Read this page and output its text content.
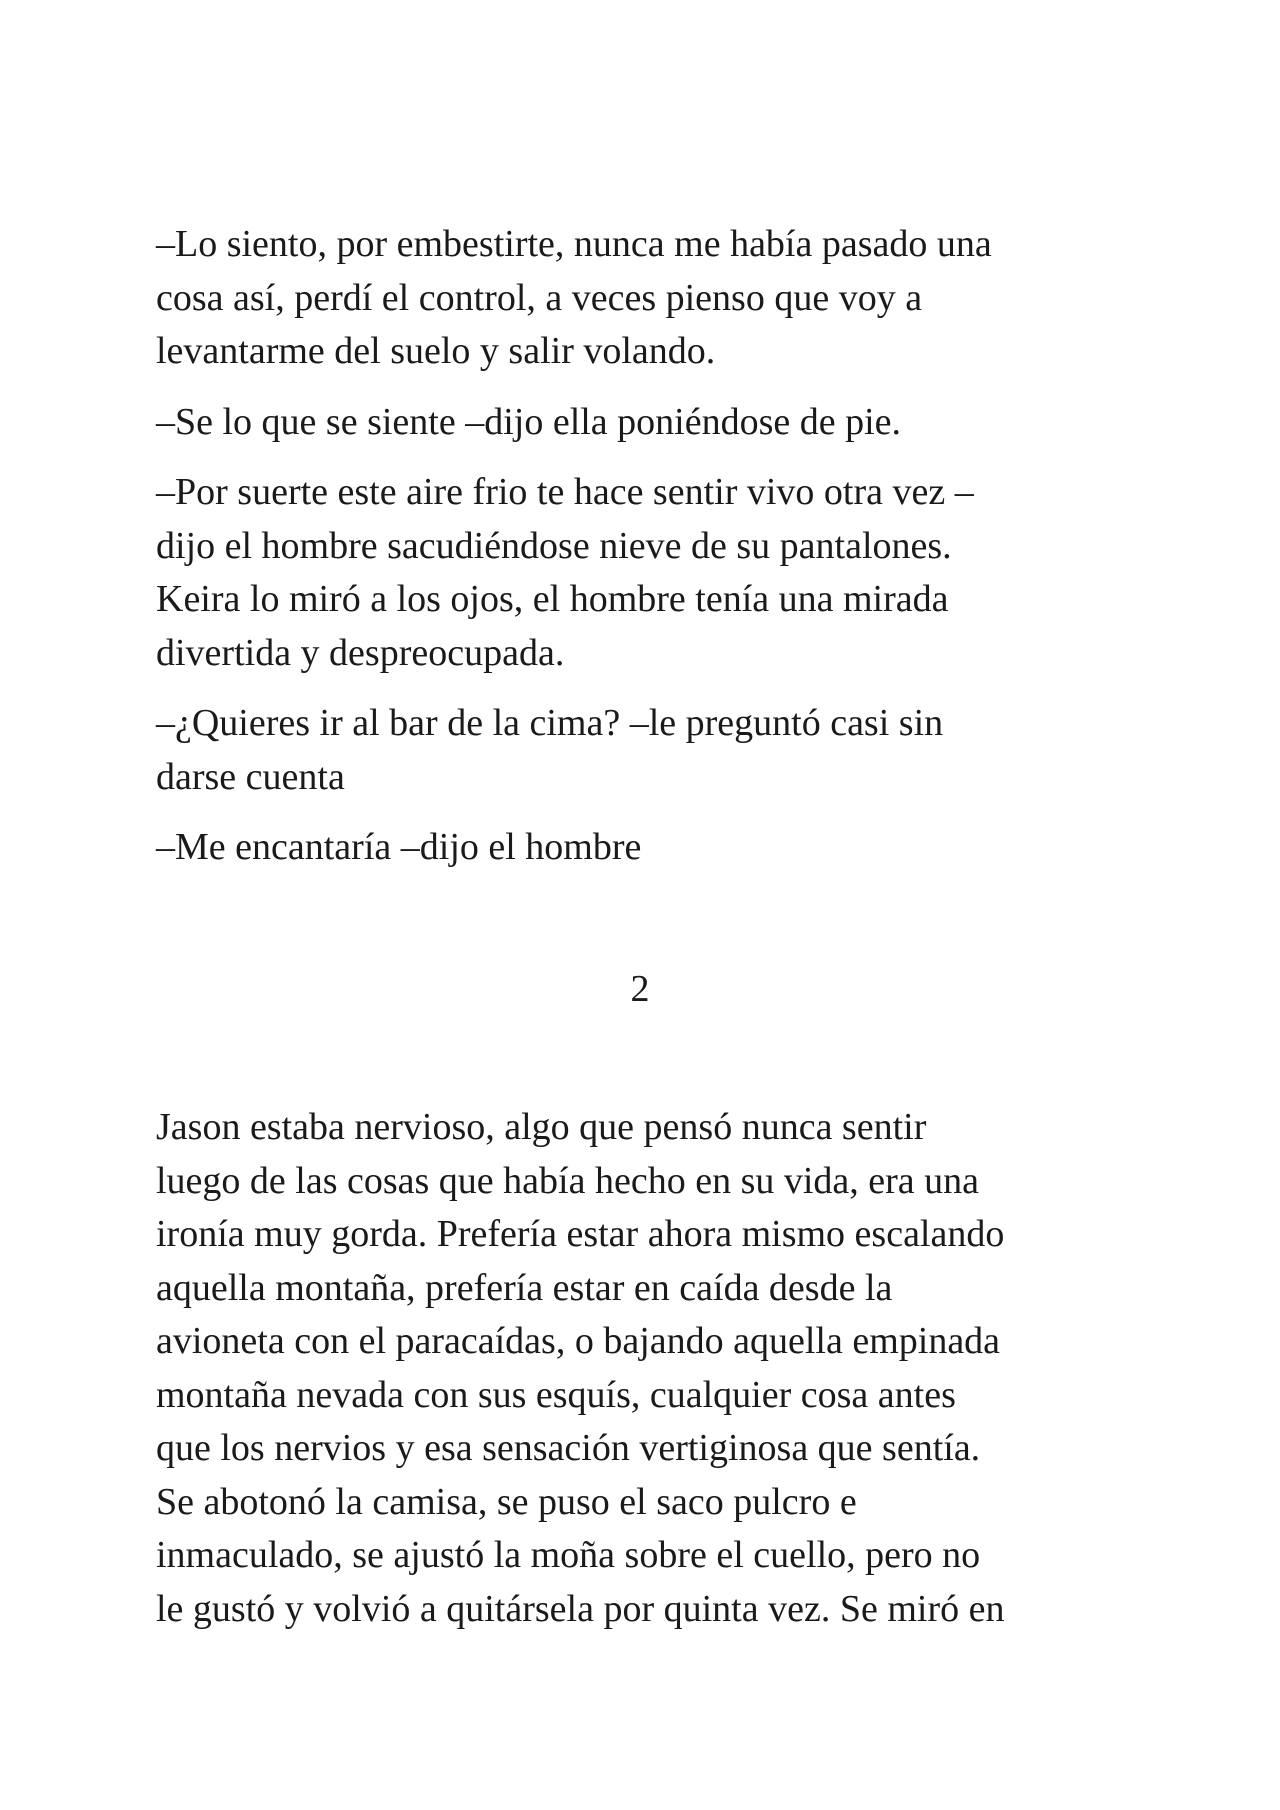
–Lo siento, por embestirte, nunca me había pasado una
cosa así, perdí el control, a veces pienso que voy a
levantarme del suelo y salir volando.
–Se lo que se siente –dijo ella poniéndose de pie.
–Por suerte este aire frio te hace sentir vivo otra vez –
dijo el hombre sacudiéndose nieve de su pantalones.
Keira lo miró a los ojos, el hombre tenía una mirada
divertida y despreocupada.
–¿Quieres ir al bar de la cima? –le preguntó casi sin
darse cuenta
–Me encantaría –dijo el hombre
2
Jason estaba nervioso, algo que pensó nunca sentir
luego de las cosas que había hecho en su vida, era una
ironía muy gorda. Prefería estar ahora mismo escalando
aquella montaña, prefería estar en caída desde la
avioneta con el paracaídas, o bajando aquella empinada
montaña nevada con sus esquís, cualquier cosa antes
que los nervios y esa sensación vertiginosa que sentía.
Se abotonó la camisa, se puso el saco pulcro e
inmaculado, se ajustó la moña sobre el cuello, pero no
le gustó y volvió a quitársela por quinta vez. Se miró en
